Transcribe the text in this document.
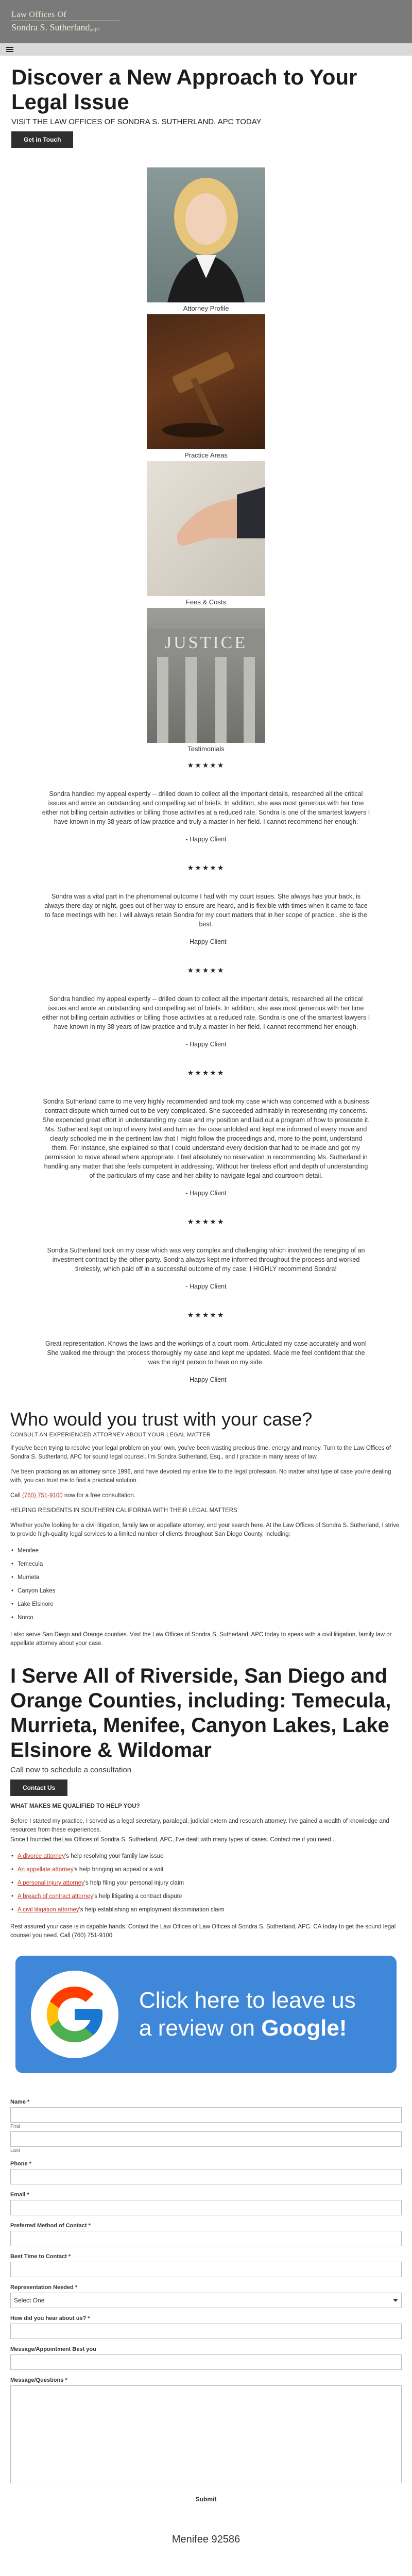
Law Offices Of
Sondra S. Sutherland,apc
Discover a New Approach to Your Legal Issue
VISIT THE LAW OFFICES OF SONDRA S. SUTHERLAND, APC TODAY
Get in Touch
Attorney Profile
Practice Areas
Fees & Costs
JUSTICE
Testimonials
★★★★★
Sondra handled my appeal expertly -- drilled down to collect all the important details, researched all the critical issues and wrote an outstanding and compelling set of briefs. In addition, she was most generous with her time either not billing certain activities or billing those activities at a reduced rate. Sondra is one of the smartest lawyers I have known in my 38 years of law practice and truly a master in her field. I cannot recommend her enough.
- Happy Client
★★★★★
Sondra was a vital part in the phenomenal outcome I had with my court issues. She always has your back, is always there day or night, goes out of her way to ensure are heard, and is flexible with times when it came to face to face meetings with her. I will always retain Sondra for my court matters that in her scope of practice.. she is the best.
- Happy Client
★★★★★
Sondra handled my appeal expertly -- drilled down to collect all the important details, researched all the critical issues and wrote an outstanding and compelling set of briefs. In addition, she was most generous with her time either not billing certain activities or billing those activities at a reduced rate. Sondra is one of the smartest lawyers I have known in my 38 years of law practice and truly a master in her field. I cannot recommend her enough.
- Happy Client
★★★★★
Sondra Sutherland came to me very highly recommended and took my case which was concerned with a business contract dispute which turned out to be very complicated. She succeeded admirably in representing my concerns. She expended great effort in understanding my case and my position and laid out a program of how to prosecute it. Ms. Sutherland kept on top of every twist and turn as the case unfolded and kept me informed of every move and clearly schooled me in the pertinent law that I might follow the proceedings and, more to the point, understand them. For instance, she explained so that I could understand every decision that had to be made and got my permission to move ahead where appropriate. I feel absolutely no reservation in recommending Ms. Sutherland in handling any matter that she feels competent in addressing. Without her tireless effort and depth of understanding of the particulars of my case and her ability to navigate legal and courtroom detail.
- Happy Client
★★★★★
Sondra Sutherland took on my case which was very complex and challenging which involved the reneging of an investment contract by the other party. Sondra always kept me informed throughout the process and worked tirelessly, which paid off in a successful outcome of my case. I HIGHLY recommend Sondra!
- Happy Client
★★★★★
Great representation. Knows the laws and the workings of a court room. Articulated my case accurately and won! She walked me through the process thoroughly my case and kept me updated. Made me feel confident that she was the right person to have on my side.
- Happy Client
Who would you trust with your case?
CONSULT AN EXPERIENCED ATTORNEY ABOUT YOUR LEGAL MATTER

If you've been trying to resolve your legal problem on your own, you've been wasting precious time, energy and money. Turn to the Law Offices of Sondra S. Sutherland, APC for sound legal counsel. I'm Sondra Sutherland, Esq., and I practice in many areas of law.

I've been practicing as an attorney since 1996, and have devoted my entire life to the legal profession. No matter what type of case you're dealing with, you can trust me to find a practical solution.

Call (760) 751-9100 now for a free consultation.

HELPING RESIDENTS IN SOUTHERN CALIFORNIA WITH THEIR LEGAL MATTERS

Whether you're looking for a civil litigation, family law or appellate attorney, end your search here. At the Law Offices of Sondra S. Sutherland, I strive to provide high-quality legal services to a limited number of clients throughout San Diego County, including:

• Menifee
• Temecula
• Murrieta
• Canyon Lakes
• Lake Elsinore
• Norco

I also serve San Diego and Orange counties. Visit the Law Offices of Sondra S. Sutherland, APC today to speak with a civil litigation, family law or appellate attorney about your case.

I Serve All of Riverside, San Diego and Orange Counties, including: Temecula, Murrieta, Menifee, Canyon Lakes, Lake Elsinore & Wildomar
Call now to schedule a consultation
Contact Us

WHAT MAKES ME QUALIFIED TO HELP YOU?

Before I started my practice, I served as a legal secretary, paralegal, judicial extern and research attorney. I've gained a wealth of knowledge and resources from these experiences.

Since I founded theLaw Offices of Sondra S. Sutherland, APC, I've dealt with many types of cases. Contact me if you need...

• A divorce attorney's help resolving your family law issue
• An appellate attorney's help bringing an appeal or a writ
• A personal injury attorney's help filing your personal injury claim
• A breach of contract attorney's help litigating a contract dispute
• A civil litigation attorney's help establishing an employment discrimination claim

Rest assured your case is in capable hands. Contact the Law Offices of Law Offices of Sondra S. Sutherland, APC. CA today to get the sound legal counsel you need. Call (760) 751-9100

Click here to leave us
a review on Google!
Name *
First
Last
Phone *
Email *
Preferred Method of Contact *
Best Time to Contact *
Representation Needed *
Select One
How did you hear about us? *
Message/Appointment Best you
Message/Questions *
Submit
Menifee 92586
